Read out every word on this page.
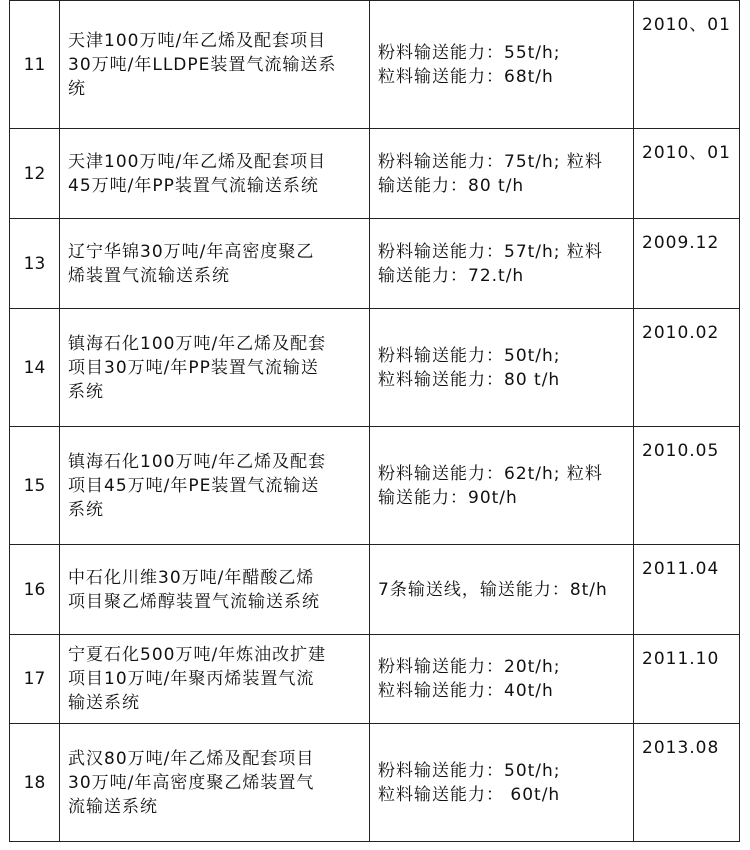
11	天津100万吨/年乙烯及配套项目
30万吨/年LLDPE装置气流输送系
统	粉料输送能力：55t/h;
粒料输送能力：68t/h	2010、01
12	天津100万吨/年乙烯及配套项目
45万吨/年PP装置气流输送系统	粉料输送能力：75t/h; 粒料
输送能力：80 t/h	2010、01
13	辽宁华锦30万吨/年高密度聚乙
烯装置气流输送系统	粉料输送能力：57t/h; 粒料
输送能力：72.t/h	2009.12
14	镇海石化100万吨/年乙烯及配套
项目30万吨/年PP装置气流输送
系统	粉料输送能力：50t/h;
粒料输送能力：80 t/h	2010.02
15	镇海石化100万吨/年乙烯及配套
项目45万吨/年PE装置气流输送
系统	粉料输送能力：62t/h; 粒料
输送能力：90t/h	2010.05
16	中石化川维30万吨/年醋酸乙烯
项目聚乙烯醇装置气流输送系统	7条输送线，输送能力：8t/h	2011.04
17	宁夏石化500万吨/年炼油改扩建
项目10万吨/年聚丙烯装置气流
输送系统	粉料输送能力：20t/h;
粒料输送能力：40t/h	2011.10
18	武汉80万吨/年乙烯及配套项目
30万吨/年高密度聚乙烯装置气
流输送系统	粉料输送能力：50t/h;
粒料输送能力： 60t/h	2013.08
